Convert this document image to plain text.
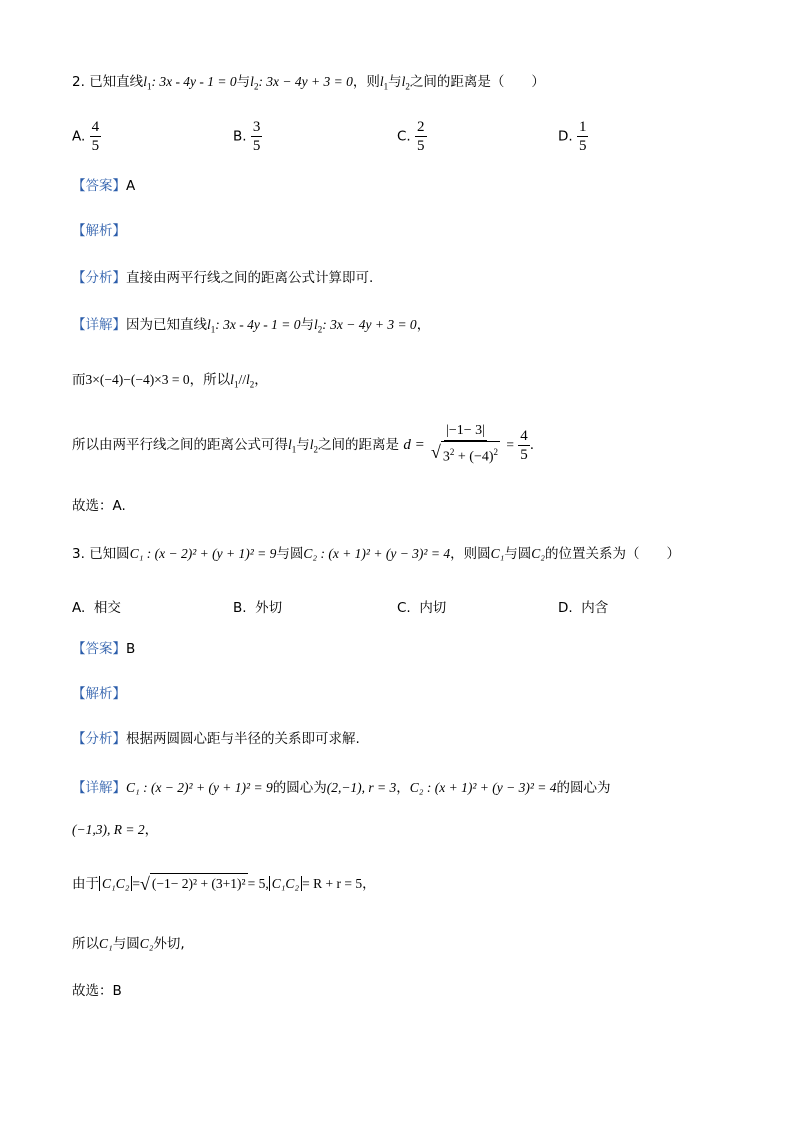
2. 已知直线$l_1$: 3x - 4y - 1 = 0与$l_2$: 3x − 4y + 3 = 0，则$l_1$与$l_2$之间的距离是（　　）
A. $\frac{4}{5}$	B. $\frac{3}{5}$	C. $\frac{2}{5}$	D. $\frac{1}{5}$
【答案】A
【解析】
【分析】直接由两平行线之间的距离公式计算即可.
【详解】因为已知直线$l_1$: 3x - 4y - 1 = 0与$l_2$: 3x − 4y + 3 = 0，
而3×(−4)−(−4)×3 = 0，所以$l_1//l_2$，
所以由两平行线之间的距离公式可得$l_1$与$l_2$之间的距离是 $d = \frac{|-1- 3|}{√ 3^2 + (-4)^2} = \frac{4}{5}$ .
故选：A.
3. 已知圆C₁ : (x − 2)² + (y + 1)² = 9与圆C₂ : (x + 1)² + (y − 3)² = 4，则圆C₁与圆C₂的位置关系为（　　）
A. 相交	B. 外切	C. 内切	D. 内含
【答案】B
【解析】
【分析】根据两圆圆心距与半径的关系即可求解.
【详解】C₁ : (x − 2)² + (y + 1)² = 9的圆心为(2,−1), r = 3，C₂ : (x + 1)² + (y − 3)² = 4的圆心为
(−1,3), R = 2，
由于 C₁C₂ = √ (−1− 2)² + (3+1)² = 5, C₁C₂ = R + r = 5，
所以C₁与圆C₂外切,
故选：B
